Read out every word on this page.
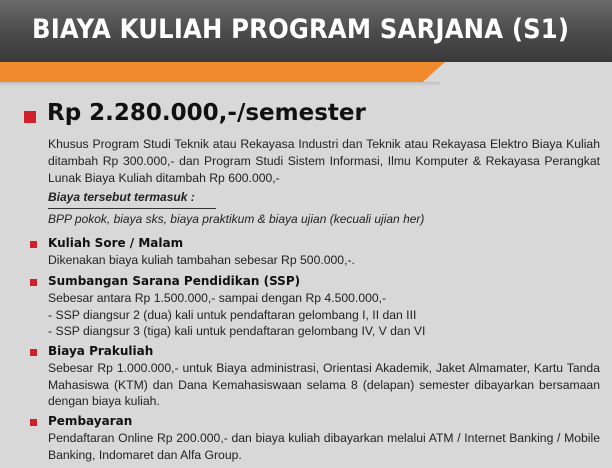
BIAYA KULIAH PROGRAM SARJANA (S1)
Rp 2.280.000,-/semester
Khusus Program Studi Teknik atau Rekayasa Industri dan Teknik atau Rekayasa Elektro Biaya Kuliah ditambah Rp 300.000,- dan Program Studi Sistem Informasi, Ilmu Komputer & Rekayasa Perangkat Lunak Biaya Kuliah ditambah Rp 600.000,-
Biaya tersebut termasuk :
BPP pokok, biaya sks, biaya praktikum & biaya ujian (kecuali ujian her)
Kuliah Sore / Malam
Dikenakan biaya kuliah tambahan sebesar Rp 500.000,-.
Sumbangan Sarana Pendidikan (SSP)
Sebesar antara Rp 1.500.000,- sampai dengan Rp 4.500.000,-
- SSP diangsur 2 (dua) kali untuk pendaftaran gelombang I, II dan III
- SSP diangsur 3 (tiga) kali untuk pendaftaran gelombang IV, V dan VI
Biaya Prakuliah
Sebesar Rp 1.000.000,- untuk Biaya administrasi, Orientasi Akademik, Jaket Almamater, Kartu Tanda Mahasiswa (KTM) dan Dana Kemahasiswaan selama 8 (delapan) semester dibayarkan bersamaan dengan biaya kuliah.
Pembayaran
Pendaftaran Online Rp 200.000,- dan biaya kuliah dibayarkan melalui ATM / Internet Banking / Mobile Banking, Indomaret dan Alfa Group.
